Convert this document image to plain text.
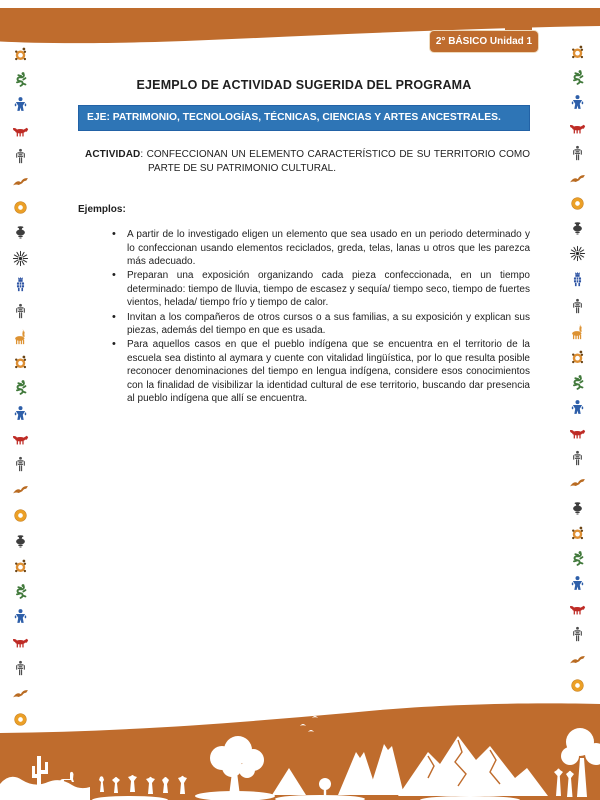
2° BÁSICO Unidad 1
EJEMPLO DE ACTIVIDAD SUGERIDA DEL PROGRAMA
EJE: PATRIMONIO, TECNOLOGÍAS, TÉCNICAS, CIENCIAS Y ARTES ANCESTRALES.

ACTIVIDAD: CONFECCIONAN UN ELEMENTO CARACTERÍSTICO DE SU TERRITORIO COMO PARTE DE SU PATRIMONIO CULTURAL.

Ejemplos:

• A partir de lo investigado eligen un elemento que sea usado en un periodo determinado y lo confeccionan usando elementos reciclados, greda, telas, lanas u otros que les parezca más adecuado.
• Preparan una exposición organizando cada pieza confeccionada, en un tiempo determinado: tiempo de lluvia, tiempo de escasez y sequía/ tiempo seco, tiempo de fuertes vientos, helada/ tiempo frío y tiempo de calor.
• Invitan a los compañeros de otros cursos o a sus familias, a su exposición y explican sus piezas, además del tiempo en que es usada.
• Para aquellos casos en que el pueblo indígena que se encuentra en el territorio de la escuela sea distinto al aymara y cuente con vitalidad lingüística, por lo que resulta posible reconocer denominaciones del tiempo en lengua indígena, considere esos conocimientos con la finalidad de visibilizar la identidad cultural de ese territorio, buscando dar presencia al pueblo indígena que allí se encuentra.
